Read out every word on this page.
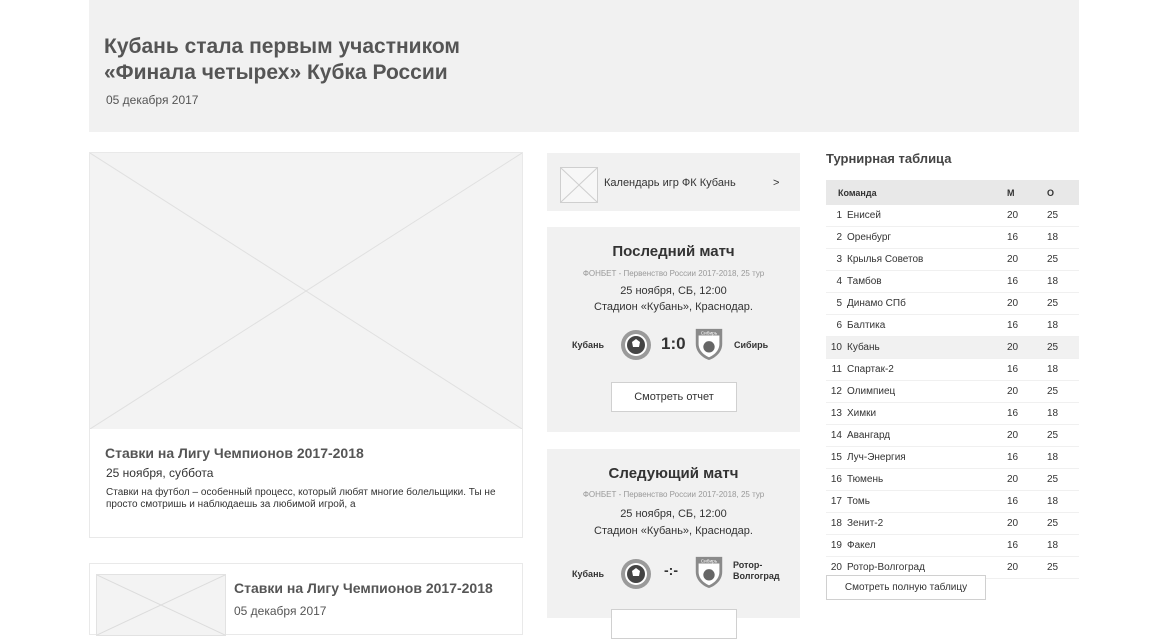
Кубань стала первым участником «Финала четырех» Кубка России
05 декабря 2017
Ставки на Лигу Чемпионов 2017-2018
25 ноября, суббота
Ставки на футбол – особенный процесс, который любят многие болельщики. Ты не просто смотришь и наблюдаешь за любимой игрой, а
Ставки на Лигу Чемпионов 2017-2018
05 декабря 2017
Календарь игр ФК Кубань	>
Последний матч
ФОНБЕТ - Первенство России 2017-2018, 25 тур
25 ноября, СБ, 12:00
Стадион «Кубань», Краснодар.
Кубань	1:0	Сибирь
Сибирь
Смотреть отчет
Следующий матч
ФОНБЕТ - Первенство России 2017-2018, 25 тур
25 ноября, СБ, 12:00
Стадион «Кубань», Краснодар.
Кубань	-:-	Сибирь Ротор-
Волгоград
Турнирная таблица
Команда		М	О
1	Енисей	20	25
2	Оренбург	16	18
3	Крылья Советов	20	25
4	Тамбов	16	18
5	Динамо СПб	20	25
6	Балтика	16	18
10	Кубань	20	25
11	Спартак-2	16	18
12	Олимпиец	20	25
13	Химки	16	18
14	Авангард	20	25
15	Луч-Энергия	16	18
16	Тюмень	20	25
17	Томь	16	18
18	Зенит-2	20	25
19	Факел	16	18
20	Ротор-Волгоград	20	25
Смотреть полную таблицу
